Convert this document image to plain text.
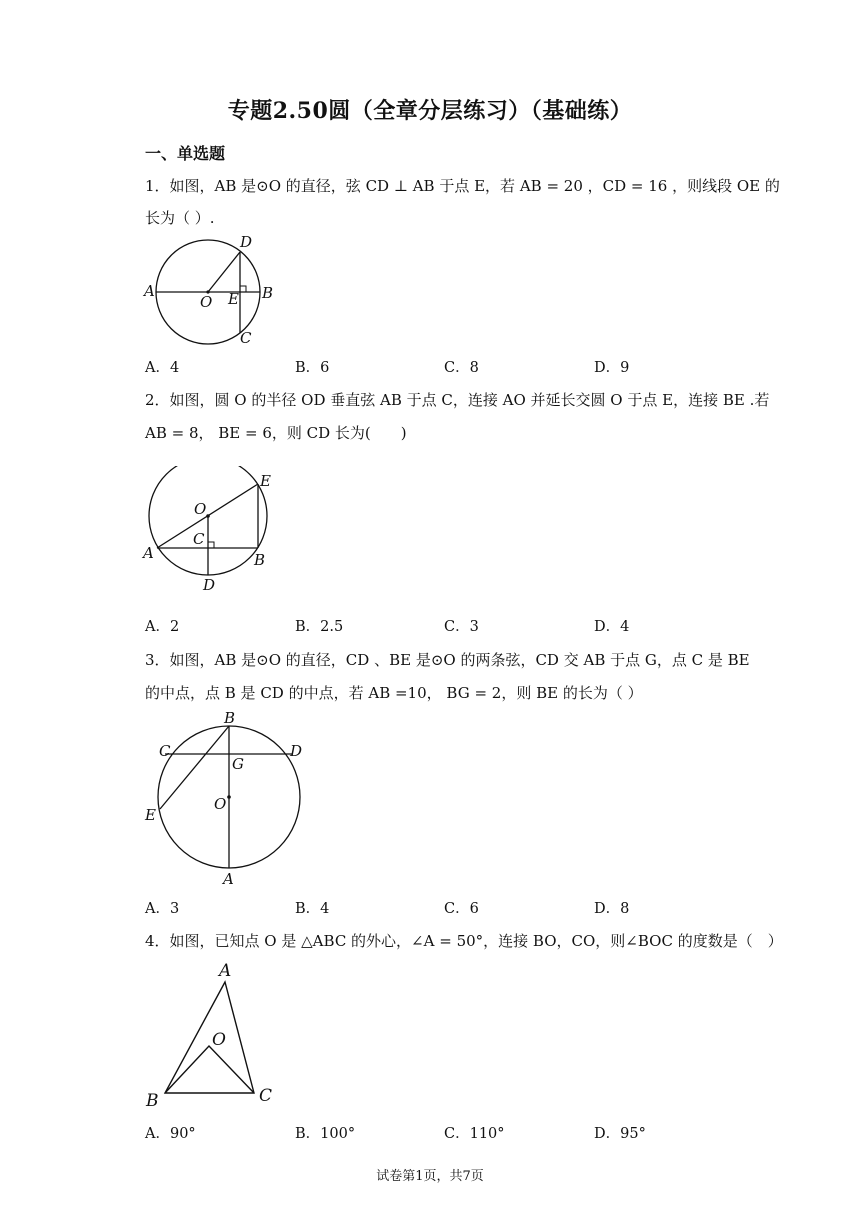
专题2.50圆（全章分层练习）（基础练）
一、单选题
1．如图，AB 是⊙O 的直径，弦 CD ⊥ AB 于点 E，若 AB = 20 ，CD = 16 ，则线段 OE 的
长为（ ）.
A
O E B
D
C
A．4	B．6	C．8	D．9
2．如图，圆 O 的半径 OD 垂直弦 AB 于点 C，连接 AO 并延长交圆 O 于点 E，连接 BE .若
AB = 8， BE = 6，则 CD 长为(　　)
O
C
A	B
E
D
A．2	B．2.5	C．3	D．4
3．如图，AB 是⊙O 的直径，CD 、BE 是⊙O 的两条弦，CD 交 AB 于点 G，点 C 是 BE
的中点，点 B 是 CD 的中点，若 AB =10， BG = 2，则 BE 的长为（ ）
B
C	D
G
O
E
A
A．3	B．4	C．6	D．8
4．如图，已知点 O 是 △ABC 的外心，∠A = 50°，连接 BO，CO，则∠BOC 的度数是（　）
A
O
B	C
A．90°	B．100°	C．110°	D．95°
试卷第1页，共7页
